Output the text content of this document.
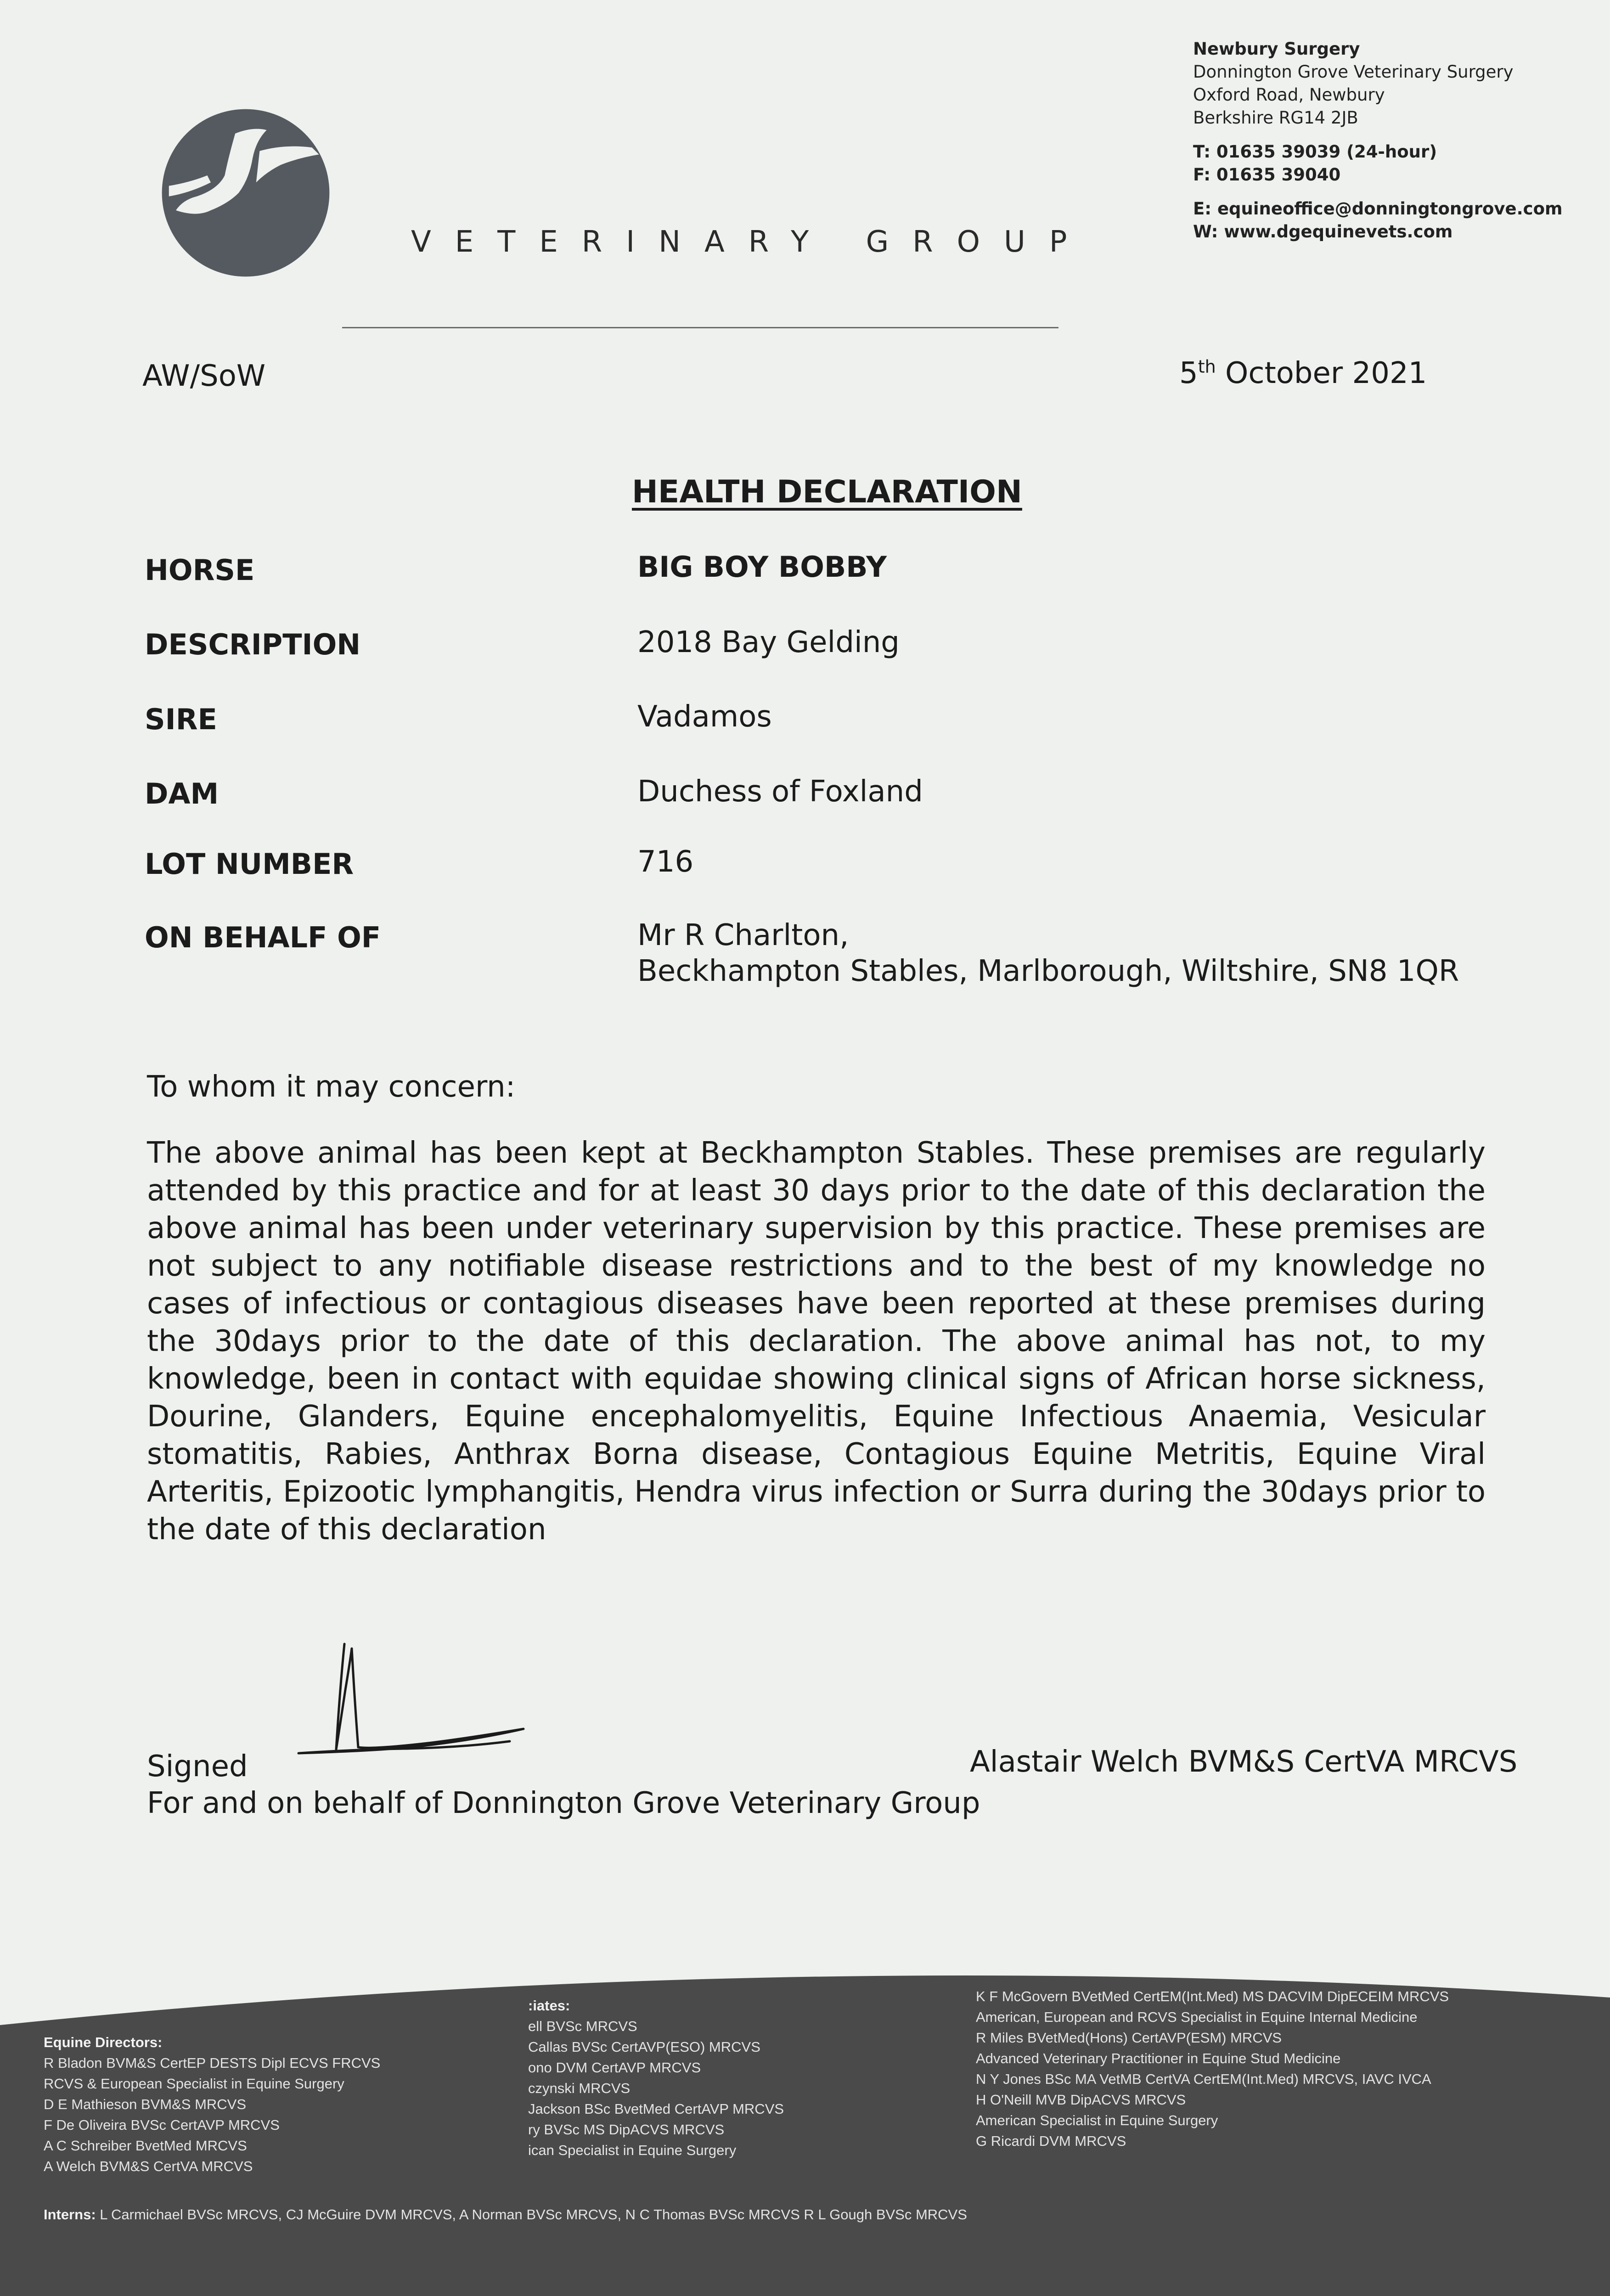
VETERINARY GROUP
Newbury Surgery
Donnington Grove Veterinary Surgery
Oxford Road, Newbury
Berkshire RG14 2JB
T: 01635 39039 (24-hour)
F: 01635 39040
E: equineoffice@donningtongrove.com
W: www.dgequinevets.com
AW/SoW	5th October 2021
HEALTH DECLARATION
HORSE	BIG BOY BOBBY
DESCRIPTION	2018 Bay Gelding
SIRE	Vadamos
DAM	Duchess of Foxland
LOT NUMBER	716
ON BEHALF OF	Mr R Charlton,
Beckhampton Stables, Marlborough, Wiltshire, SN8 1QR
To whom it may concern:
The above animal has been kept at Beckhampton Stables. These premises are regularly attended by this practice and for at least 30 days prior to the date of this declaration the above animal has been under veterinary supervision by this practice. These premises are not subject to any notifiable disease restrictions and to the best of my knowledge no cases of infectious or contagious diseases have been reported at these premises during the 30days prior to the date of this declaration. The above animal has not, to my knowledge, been in contact with equidae showing clinical signs of African horse sickness, Dourine, Glanders, Equine encephalomyelitis, Equine Infectious Anaemia, Vesicular stomatitis, Rabies, Anthrax Borna disease, Contagious Equine Metritis, Equine Viral Arteritis, Epizootic lymphangitis, Hendra virus infection or Surra during the 30days prior to the date of this declaration
Signed	Alastair Welch BVM&S CertVA MRCVS
For and on behalf of Donnington Grove Veterinary Group
Equine Directors:
R Bladon BVM&S CertEP DESTS Dipl ECVS FRCVS
RCVS & European Specialist in Equine Surgery
D E Mathieson BVM&S MRCVS
F De Oliveira BVSc CertAVP MRCVS
A C Schreiber BvetMed MRCVS
A Welch BVM&S CertVA MRCVS
:iates:
ell BVSc MRCVS
Callas BVSc CertAVP(ESO) MRCVS
ono DVM CertAVP MRCVS
czynski MRCVS
Jackson BSc BvetMed CertAVP MRCVS
ry BVSc MS DipACVS MRCVS
ican Specialist in Equine Surgery
K F McGovern BVetMed CertEM(Int.Med) MS DACVIM DipECEIM MRCVS
American, European and RCVS Specialist in Equine Internal Medicine
R Miles BVetMed(Hons) CertAVP(ESM) MRCVS
Advanced Veterinary Practitioner in Equine Stud Medicine
N Y Jones BSc MA VetMB CertVA CertEM(Int.Med) MRCVS, IAVC IVCA
H O'Neill MVB DipACVS MRCVS
American Specialist in Equine Surgery
G Ricardi DVM MRCVS
Interns: L Carmichael BVSc MRCVS, CJ McGuire DVM MRCVS, A Norman BVSc MRCVS, N C Thomas BVSc MRCVS R L Gough BVSc MRCVS
